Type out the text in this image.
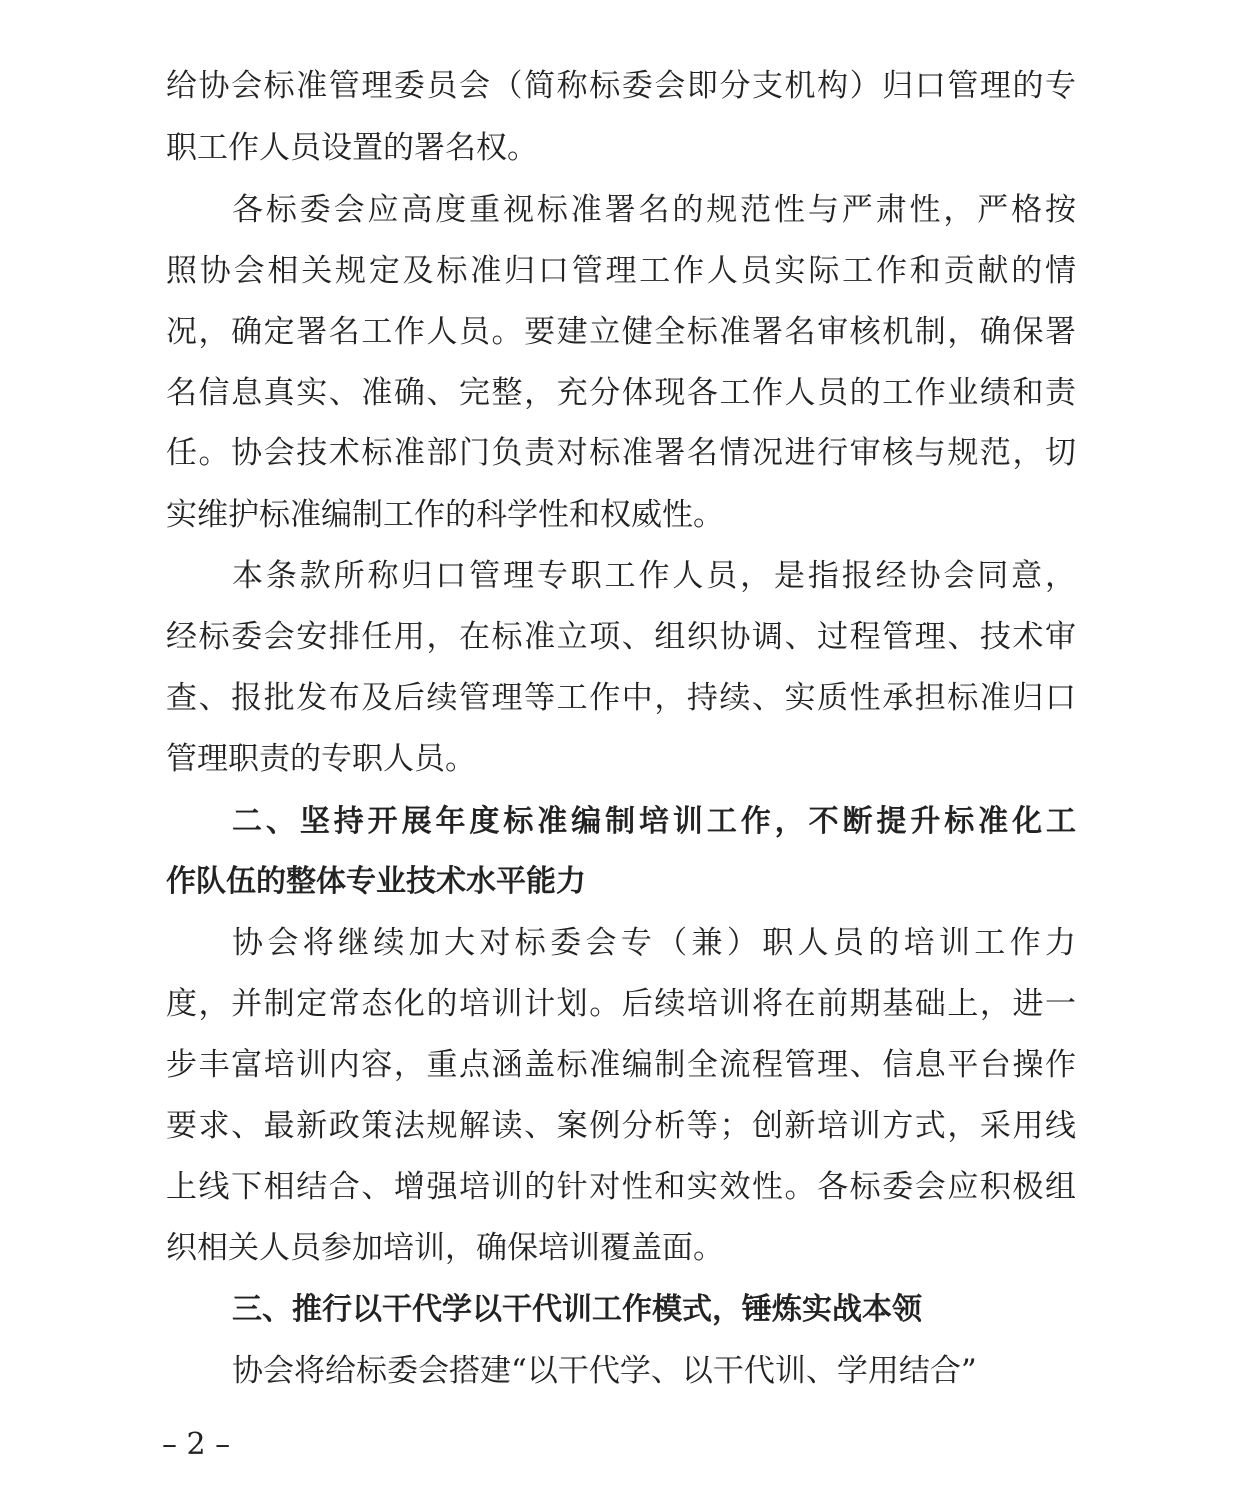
给协会标准管理委员会（简称标委会即分支机构）归口管理的专
职工作人员设置的署名权。
各标委会应高度重视标准署名的规范性与严肃性，严格按
照协会相关规定及标准归口管理工作人员实际工作和贡献的情
况，确定署名工作人员。要建立健全标准署名审核机制，确保署
名信息真实、准确、完整，充分体现各工作人员的工作业绩和责
任。协会技术标准部门负责对标准署名情况进行审核与规范，切
实维护标准编制工作的科学性和权威性。
本条款所称归口管理专职工作人员，是指报经协会同意，
经标委会安排任用，在标准立项、组织协调、过程管理、技术审
查、报批发布及后续管理等工作中，持续、实质性承担标准归口
管理职责的专职人员。
二、坚持开展年度标准编制培训工作，不断提升标准化工
作队伍的整体专业技术水平能力
协会将继续加大对标委会专（兼）职人员的培训工作力
度，并制定常态化的培训计划。后续培训将在前期基础上，进一
步丰富培训内容，重点涵盖标准编制全流程管理、信息平台操作
要求、最新政策法规解读、案例分析等；创新培训方式，采用线
上线下相结合、增强培训的针对性和实效性。各标委会应积极组
织相关人员参加培训，确保培训覆盖面。
三、推行以干代学以干代训工作模式，锤炼实战本领
协会将给标委会搭建“以干代学、以干代训、学用结合”
– 2 –
